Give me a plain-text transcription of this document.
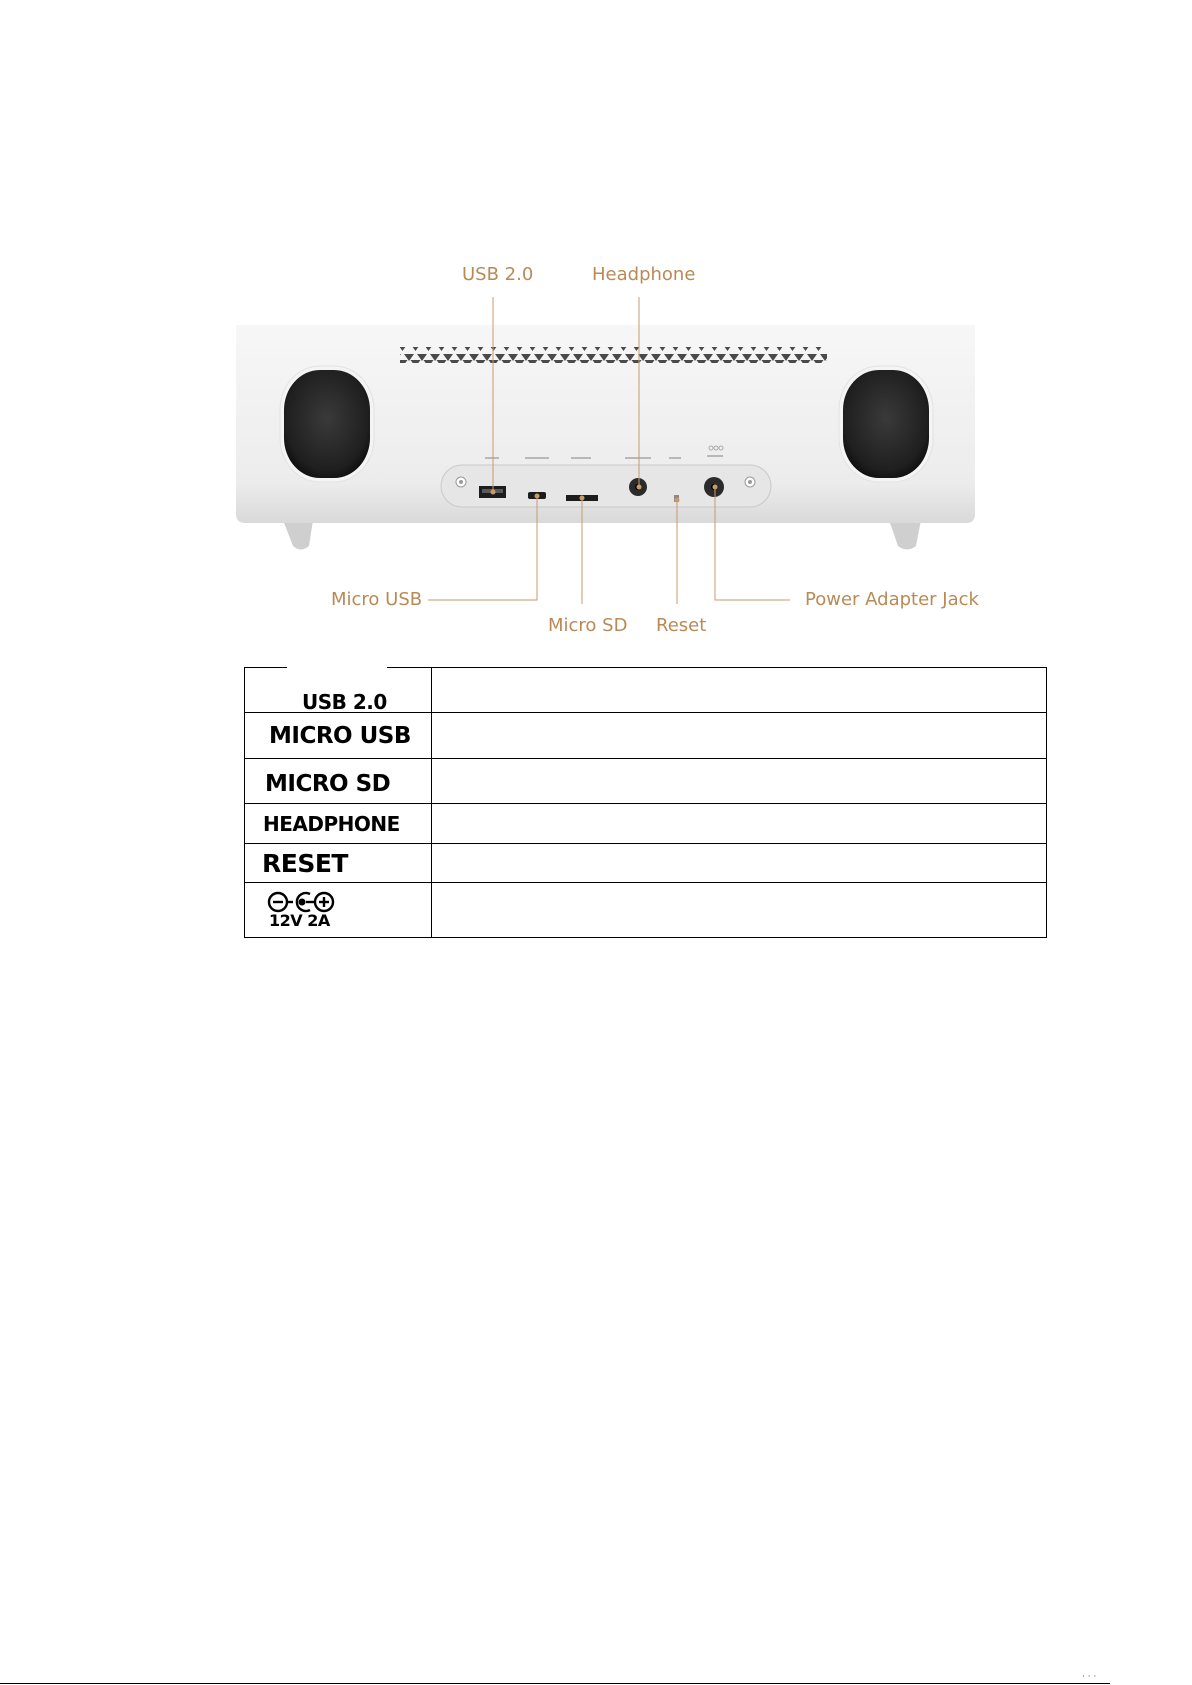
USB 2.0	Headphone
Micro USB
Micro SD Reset
Power Adapter Jack
USB 2.0	
MICRO USB	
MICRO SD	
HEADPHONE	
RESET	

12V 2A	

· · ·
